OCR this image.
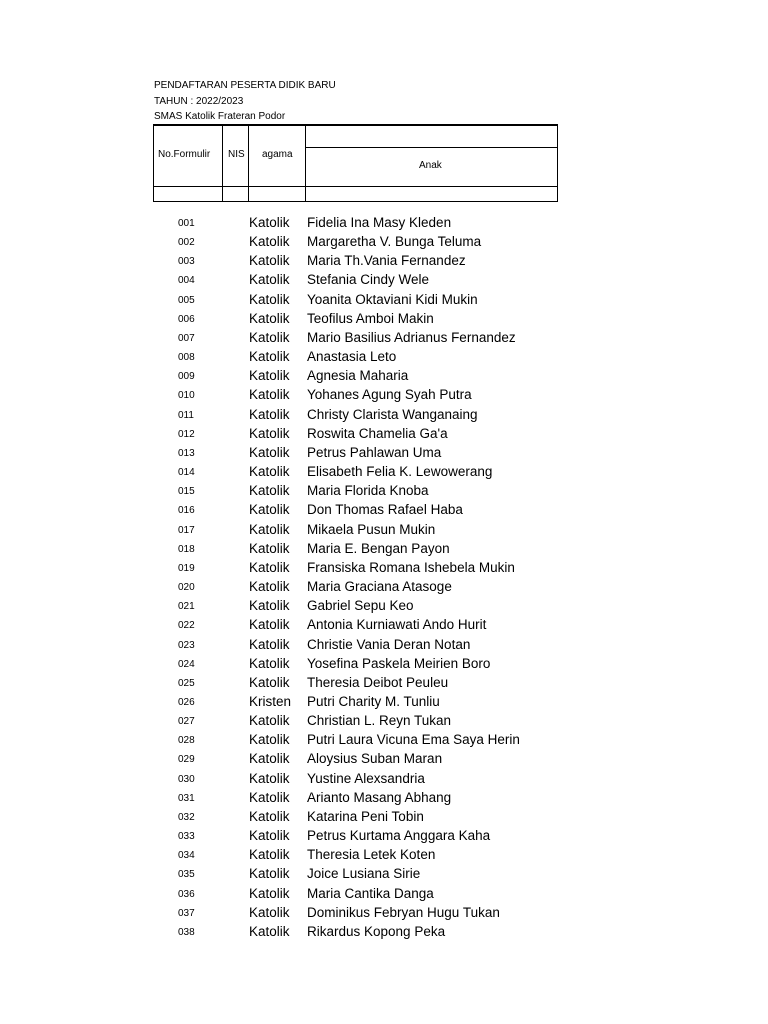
PENDAFTARAN PESERTA DIDIK BARU
TAHUN : 2022/2023
SMAS Katolik Frateran Podor
No.Formulir NIS agama
Anak
001	Katolik Fidelia Ina Masy Kleden
002	Katolik Margaretha V. Bunga Teluma
003	Katolik Maria Th.Vania Fernandez
004	Katolik Stefania Cindy Wele
005	Katolik Yoanita Oktaviani Kidi Mukin
006	Katolik Teofilus Amboi Makin
007	Katolik Mario Basilius Adrianus Fernandez
008	Katolik Anastasia Leto
009	Katolik Agnesia Maharia
010	Katolik Yohanes Agung Syah Putra
011	Katolik Christy Clarista Wanganaing
012	Katolik Roswita Chamelia Ga'a
013	Katolik Petrus Pahlawan Uma
014	Katolik Elisabeth Felia K. Lewowerang
015	Katolik Maria Florida Knoba
016	Katolik Don Thomas Rafael Haba
017	Katolik Mikaela Pusun Mukin
018	Katolik Maria E. Bengan Payon
019	Katolik Fransiska Romana Ishebela Mukin
020	Katolik Maria Graciana Atasoge
021	Katolik Gabriel Sepu Keo
022	Katolik Antonia Kurniawati Ando Hurit
023	Katolik Christie Vania Deran Notan
024	Katolik Yosefina Paskela Meirien Boro
025	Katolik Theresia Deibot Peuleu
026	Kristen Putri Charity M. Tunliu
027	Katolik Christian L. Reyn Tukan
028	Katolik Putri Laura Vicuna Ema Saya Herin
029	Katolik Aloysius Suban Maran
030	Katolik Yustine Alexsandria
031	Katolik Arianto Masang Abhang
032	Katolik Katarina Peni Tobin
033	Katolik Petrus Kurtama Anggara Kaha
034	Katolik Theresia Letek Koten
035	Katolik Joice Lusiana Sirie
036	Katolik Maria Cantika Danga
037	Katolik Dominikus Febryan Hugu Tukan
038	Katolik Rikardus Kopong Peka
